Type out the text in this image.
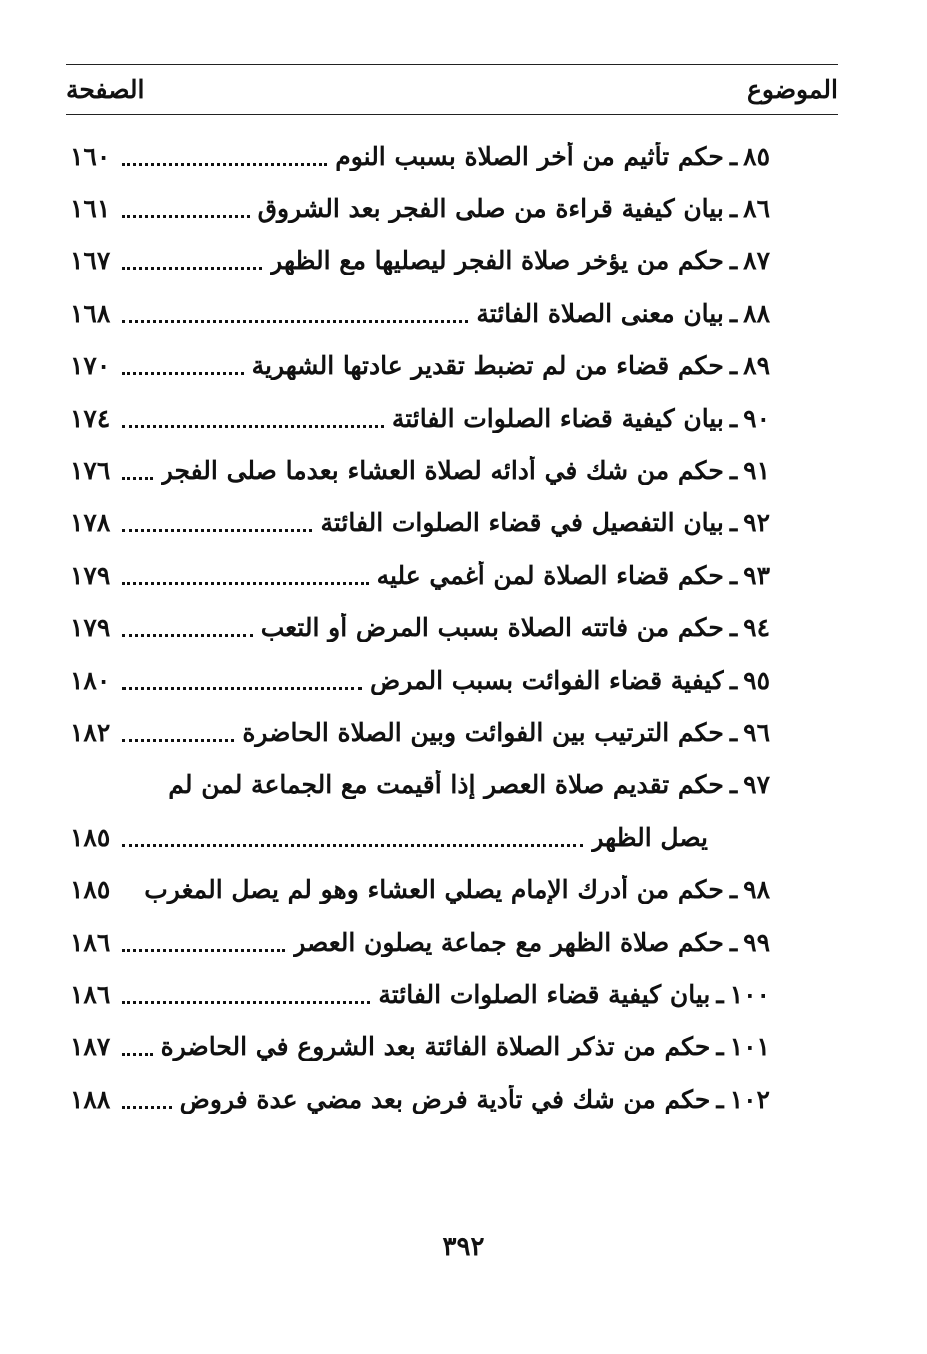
الموضوع
الصفحة
٨٥
ـ
حكم تأثيم من أخر الصلاة بسبب النوم
١٦٠
٨٦
ـ
بيان كيفية قراءة من صلى الفجر بعد الشروق
١٦١
٨٧
ـ
حكم من يؤخر صلاة الفجر ليصليها مع الظهر
١٦٧
٨٨
ـ
بيان معنى الصلاة الفائتة
١٦٨
٨٩
ـ
حكم قضاء من لم تضبط تقدير عادتها الشهرية
١٧٠
٩٠
ـ
بيان كيفية قضاء الصلوات الفائتة
١٧٤
٩١
ـ
حكم من شك في أدائه لصلاة العشاء بعدما صلى الفجر
١٧٦
٩٢
ـ
بيان التفصيل في قضاء الصلوات الفائتة
١٧٨
٩٣
ـ
حكم قضاء الصلاة لمن أغمي عليه
١٧٩
٩٤
ـ
حكم من فاتته الصلاة بسبب المرض أو التعب
١٧٩
٩٥
ـ
كيفية قضاء الفوائت بسبب المرض
١٨٠
٩٦
ـ
حكم الترتيب بين الفوائت وبين الصلاة الحاضرة
١٨٢
٩٧
ـ
حكم تقديم صلاة العصر إذا أقيمت مع الجماعة لمن لم
يصل الظهر
١٨٥
٩٨
ـ
حكم من أدرك الإمام يصلي العشاء وهو لم يصل المغرب
١٨٥
٩٩
ـ
حكم صلاة الظهر مع جماعة يصلون العصر
١٨٦
١٠٠
ـ
بيان كيفية قضاء الصلوات الفائتة
١٨٦
١٠١
ـ
حكم من تذكر الصلاة الفائتة بعد الشروع في الحاضرة
١٨٧
١٠٢
ـ
حكم من شك في تأدية فرض بعد مضي عدة فروض
١٨٨
٣٩٢
